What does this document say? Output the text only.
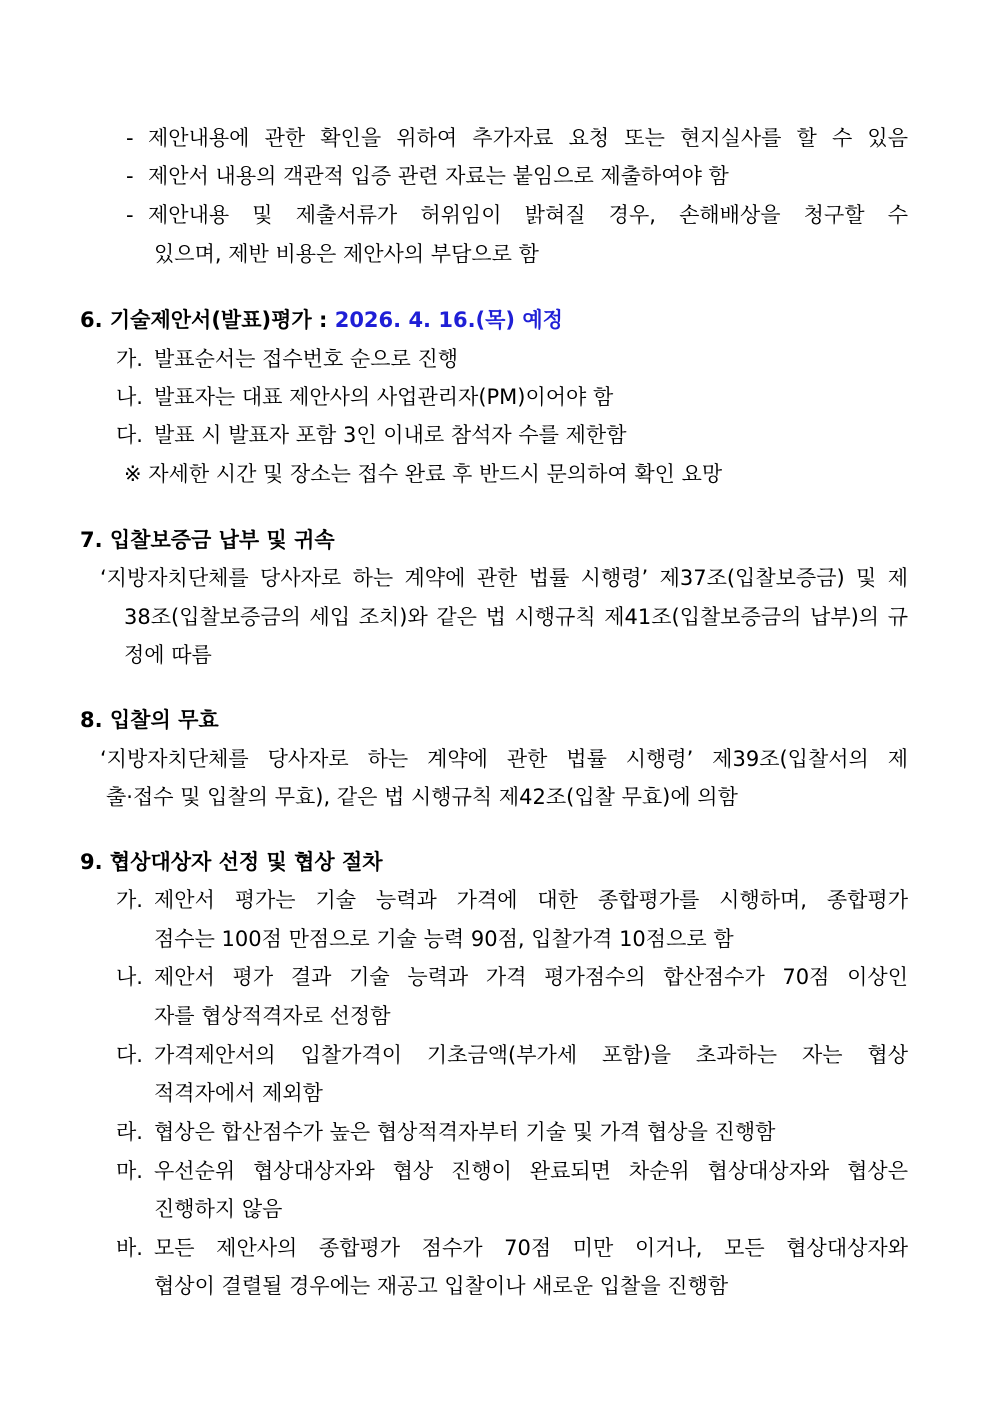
- 제안내용에 관한 확인을 위하여 추가자료 요청 또는 현지실사를 할 수 있음
- 제안서 내용의 객관적 입증 관련 자료는 붙임으로 제출하여야 함
- 제안내용 및 제출서류가 허위임이 밝혀질 경우, 손해배상을 청구할 수
있으며, 제반 비용은 제안사의 부담으로 함
6. 기술제안서(발표)평가 : 2026. 4. 16.(목) 예정
가. 발표순서는 접수번호 순으로 진행
나. 발표자는 대표 제안사의 사업관리자(PM)이어야 함
다. 발표 시 발표자 포함 3인 이내로 참석자 수를 제한함
※ 자세한 시간 및 장소는 접수 완료 후 반드시 문의하여 확인 요망
7. 입찰보증금 납부 및 귀속
‘지방자치단체를 당사자로 하는 계약에 관한 법률 시행령’ 제37조(입찰보증금) 및 제
38조(입찰보증금의 세입 조치)와 같은 법 시행규칙 제41조(입찰보증금의 납부)의 규
정에 따름
8. 입찰의 무효
‘지방자치단체를 당사자로 하는 계약에 관한 법률 시행령’ 제39조(입찰서의 제
출·접수 및 입찰의 무효), 같은 법 시행규칙 제42조(입찰 무효)에 의함
9. 협상대상자 선정 및 협상 절차
가. 제안서 평가는 기술 능력과 가격에 대한 종합평가를 시행하며, 종합평가
점수는 100점 만점으로 기술 능력 90점, 입찰가격 10점으로 함
나. 제안서 평가 결과 기술 능력과 가격 평가점수의 합산점수가 70점 이상인
자를 협상적격자로 선정함
다. 가격제안서의 입찰가격이 기초금액(부가세 포함)을 초과하는 자는 협상
적격자에서 제외함
라. 협상은 합산점수가 높은 협상적격자부터 기술 및 가격 협상을 진행함
마. 우선순위 협상대상자와 협상 진행이 완료되면 차순위 협상대상자와 협상은
진행하지 않음
바. 모든 제안사의 종합평가 점수가 70점 미만 이거나, 모든 협상대상자와
협상이 결렬될 경우에는 재공고 입찰이나 새로운 입찰을 진행함
